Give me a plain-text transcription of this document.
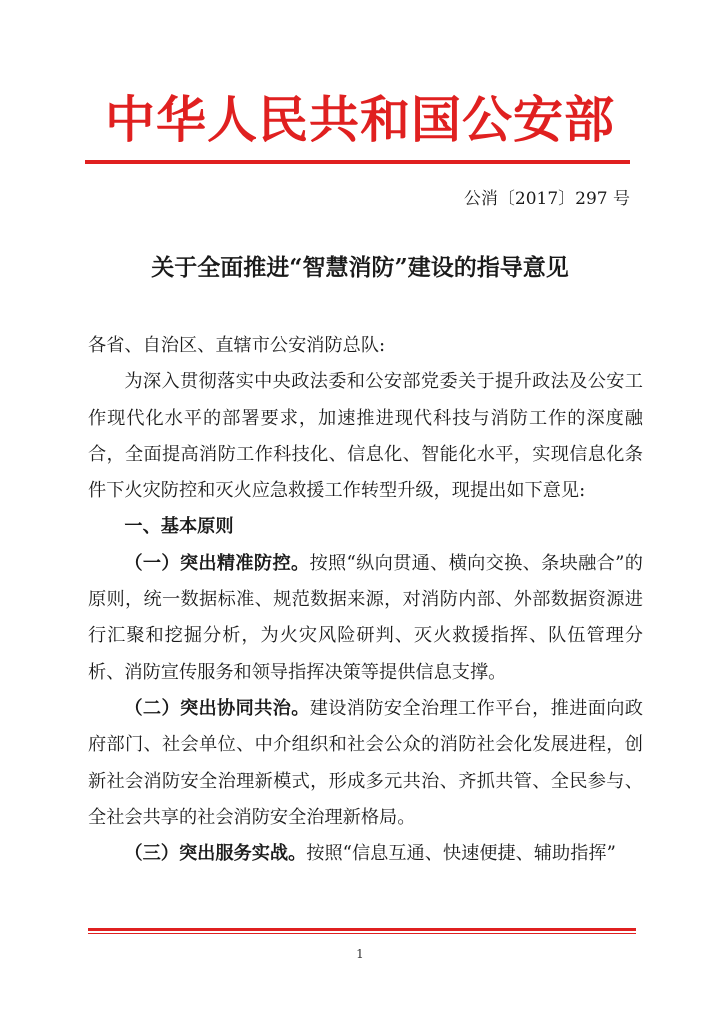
中华人民共和国公安部
公消〔2017〕297 号
关于全面推进“智慧消防”建设的指导意见

各省、自治区、直辖市公安消防总队:

为深入贯彻落实中央政法委和公安部党委关于提升政法及公安工作现代化水平的部署要求，加速推进现代科技与消防工作的深度融合，全面提高消防工作科技化、信息化、智能化水平，实现信息化条件下火灾防控和灭火应急救援工作转型升级，现提出如下意见:

一、基本原则

（一）突出精准防控。按照“纵向贯通、横向交换、条块融合”的原则，统一数据标准、规范数据来源，对消防内部、外部数据资源进行汇聚和挖掘分析，为火灾风险研判、灭火救援指挥、队伍管理分析、消防宣传服务和领导指挥决策等提供信息支撑。

（二）突出协同共治。建设消防安全治理工作平台，推进面向政府部门、社会单位、中介组织和社会公众的消防社会化发展进程，创新社会消防安全治理新模式，形成多元共治、齐抓共管、全民参与、全社会共享的社会消防安全治理新格局。

（三）突出服务实战。按照“信息互通、快速便捷、辅助指挥”

1
